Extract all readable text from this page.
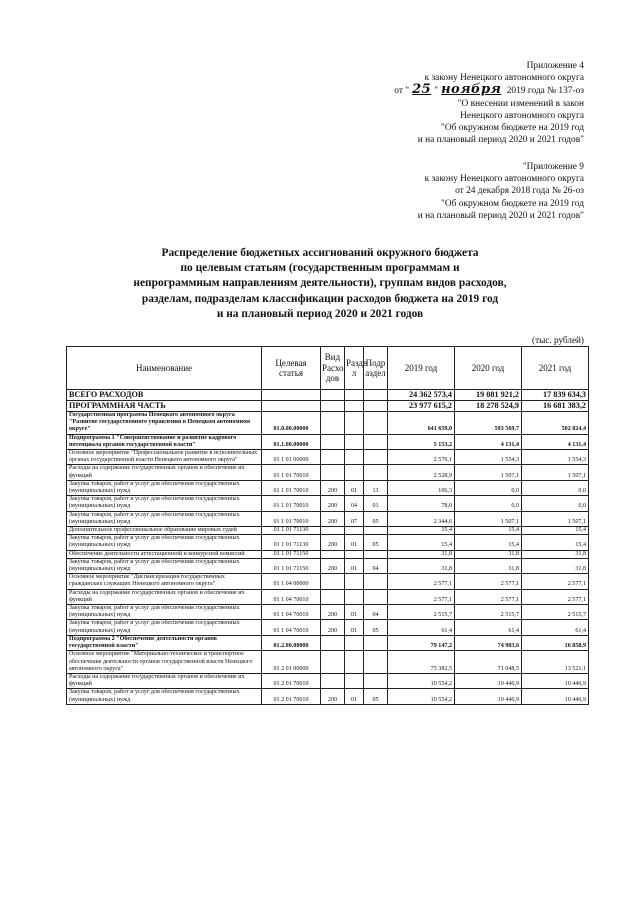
Приложение 4
к закону Ненецкого автономного округа
от " 25 " ноября 2019 года № 137-оз
"О внесении изменений в закон
Ненецкого автономного округа
"Об окружном бюджете на 2019 год
и на плановый период 2020 и 2021 годов"
"Приложение 9
к закону Ненецкого автономного округа
от 24 декабря 2018 года № 26-оз
"Об окружном бюджете на 2019 год
и на плановый период 2020 и 2021 годов"
Распределение бюджетных ассигнований окружного бюджета
по целевым статьям (государственным программам и
непрограммным направлениям деятельности), группам видов расходов,
разделам, подразделам классификации расходов бюджета на 2019 год
и на плановый период 2020 и 2021 годов
(тыс. рублей)
Наименование	Целевая статья	Вид Расхо дов	Разде л	Подр аздел	2019 год	2020 год	2021 год
ВСЕГО РАСХОДОВ					24 362 573,4	19 081 921,2	17 839 634,3
ПРОГРАММНАЯ ЧАСТЬ					23 977 615,2	18 278 524,9	16 681 383,2
Государственная программа Ненецкого автономного округа "Развитие государственного управления в Ненецком автономном округе"	01.0.00.00000				641 659,0	593 569,7	502 824,4
Подпрограмма 1 "Совершенствование и развитие кадрового потенциала органов государственной власти"	01.1.00.00000				5 153,2	4 131,4	4 131,4
Основное мероприятие "Профессиональное развитие в исполнительных органах государственной власти Ненецкого автономного округа"	01 1 01 00000				2 576,1	1 554,3	1 554,3
Расходы на содержание государственных органов и обеспечение их функций	01 1 01 70010				2 528,9	1 507,1	1 507,1
Закупка товаров, работ и услуг для обеспечения государственных (муниципальных) нужд	01 1 01 70010	200	01	13	106,3	0,0	0,0
Закупка товаров, работ и услуг для обеспечения государственных (муниципальных) нужд	01 1 01 70010	200	04	01	78,0	0,0	0,0
Закупка товаров, работ и услуг для обеспечения государственных (муниципальных) нужд	01 1 01 70010	200	07	05	2 344,6	1 507,1	1 507,1
Дополнительное профессиональное образование мировых судей	01 1 01 71130				15,4	15,4	15,4
Закупка товаров, работ и услуг для обеспечения государственных (муниципальных) нужд	01 1 01 71130	200	01	05	15,4	15,4	15,4
Обеспечение деятельности аттестационной и конкурсной комиссий	01 1 01 71150				31,8	31,8	31,8
Закупка товаров, работ и услуг для обеспечения государственных (муниципальных) нужд	01 1 01 71150	200	01	04	31,8	31,8	31,8
Основное мероприятие "Диспансеризация государственных гражданских служащих Ненецкого автономного округа"	01 1 04 00000				2 577,1	2 577,1	2 577,1
Расходы на содержание государственных органов и обеспечение их функций	01 1 04 70010				2 577,1	2 577,1	2 577,1
Закупка товаров, работ и услуг для обеспечения государственных (муниципальных) нужд	01 1 04 70010	200	01	04	2 515,7	2 515,7	2 515,7
Закупка товаров, работ и услуг для обеспечения государственных (муниципальных) нужд	01 1 04 70010	200	01	05	61,4	61,4	61,4
Подпрограмма 2 "Обеспечение деятельности органов государственной власти"	01.2.00.00000				79 147,2	74 903,6	16 858,9
Основное мероприятие "Материально-техническое и транспортное обеспечение деятельности органов государственной власти Ненецкого автономного округа"	01 2 01 00000				75 382,5	71 048,5	13 521,1
Расходы на содержание государственных органов и обеспечение их функций	01 2 01 70010				10 554,2	10 446,9	10 446,9
Закупка товаров, работ и услуг для обеспечения государственных (муниципальных) нужд	01 2 01 70010	200	01	05	10 554,2	10 446,9	10 446,9
